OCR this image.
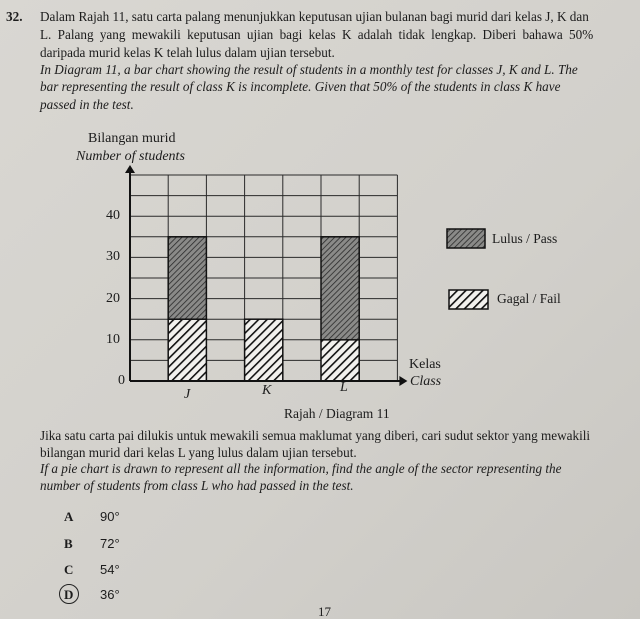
32. Dalam Rajah 11, satu carta palang menunjukkan keputusan ujian bulanan bagi murid dari kelas J, K dan
L. Palang yang mewakili keputusan ujian bagi kelas K adalah tidak lengkap. Diberi bahawa 50%
daripada murid kelas K telah lulus dalam ujian tersebut.
In Diagram 11, a bar chart showing the result of students in a monthly test for classes J, K and L. The
bar representing the result of class K is incomplete. Given that 50% of the students in class K have
passed in the test.
Bilangan murid
Number of students
0
10
20
30
40
J	K	L
Kelas
Class
Lulus / Pass
Gagal / Fail
Rajah / Diagram 11
Jika satu carta pai dilukis untuk mewakili semua maklumat yang diberi, cari sudut sektor yang mewakili
bilangan murid dari kelas L yang lulus dalam ujian tersebut.
If a pie chart is drawn to represent all the information, find the angle of the sector representing the
number of students from class L who had passed in the test.
A 90°
B 72°
C 54°
D 36°
17
